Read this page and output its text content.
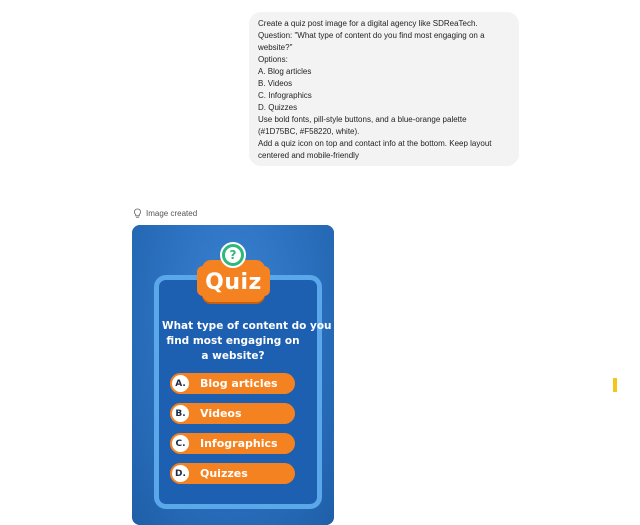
Create a quiz post image for a digital agency like SDReaTech.
Question: "What type of content do you find most engaging on a
website?"
Options:
A. Blog articles
B. Videos
C. Infographics
D. Quizzes
Use bold fonts, pill-style buttons, and a blue-orange palette
(#1D75BC, #F58220, white).
Add a quiz icon on top and contact info at the bottom. Keep layout
centered and mobile-friendly
Image created
Quiz
?
What type of content do you
find most engaging on
a website?
A.	Blog articles
B.	Videos
C.	Infographics
D.	Quizzes
